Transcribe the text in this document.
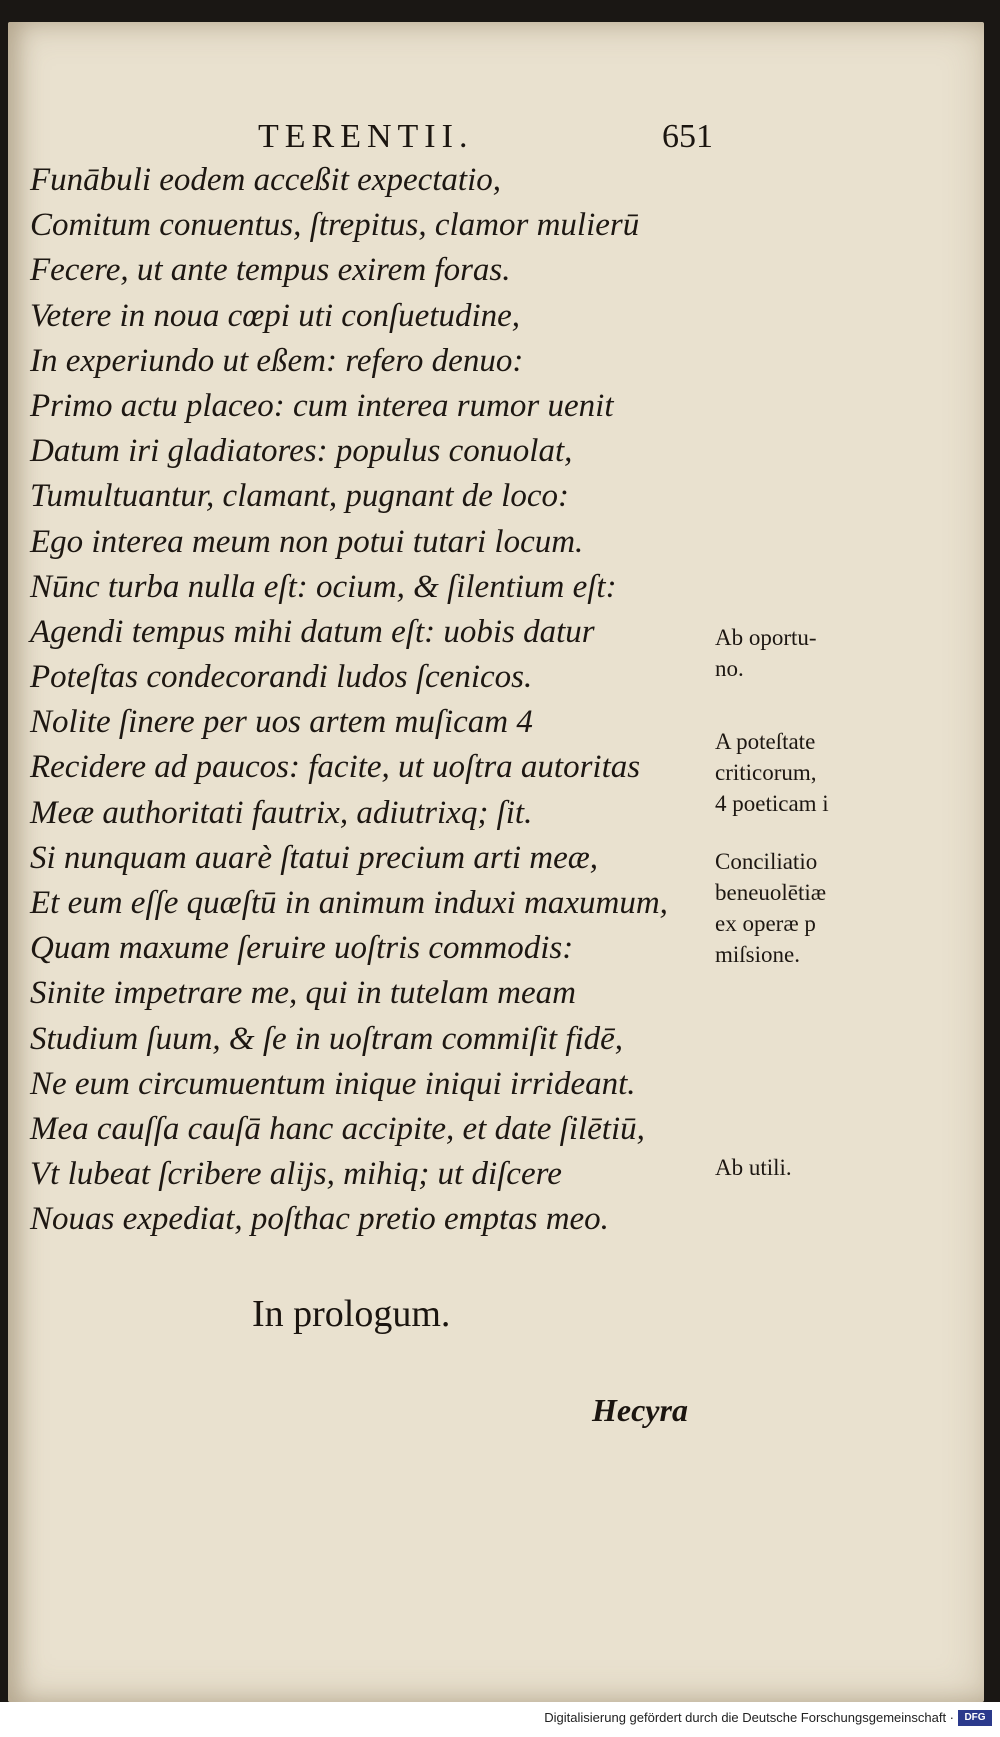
TERENTII.	651
Funābuli eodem acceßit expectatio,
Comitum conuentus, ſtrepitus, clamor mulierū
Fecere, ut ante tempus exirem foras.
Vetere in noua cœpi uti conſuetudine,
In experiundo ut eßem: refero denuo:
Primo actu placeo: cum interea rumor uenit
Datum iri gladiatores: populus conuolat,
Tumultuantur, clamant, pugnant de loco:
Ego interea meum non potui tutari locum.
Nūnc turba nulla eſt: ocium, & ſilentium eſt:
Agendi tempus mihi datum eſt: uobis datur
Poteſtas condecorandi ludos ſcenicos.
Nolite ſinere per uos artem muſicam 4
Recidere ad paucos: facite, ut uoſtra autoritas
Meæ authoritati fautrix, adiutrixq; ſit.
Si nunquam auarè ſtatui precium arti meæ,
Et eum eſſe quæſtū in animum induxi maxumum,
Quam maxume ſeruire uoſtris commodis:
Sinite impetrare me, qui in tutelam meam
Studium ſuum, & ſe in uoſtram commiſit fidē,
Ne eum circumuentum inique iniqui irrideant.
Mea cauſſa cauſā hanc accipite, et date ſilētiū,
Vt lubeat ſcribere alijs, mihiq; ut diſcere
Nouas expediat, poſthac pretio emptas meo.
Ab oportu-
no.
A poteſtate
criticorum,
4 poeticam i
Conciliatio
beneuolētiæ
ex operæ p
miſsione.
Ab utili.
In prologum.
Hecyra
Digitalisierung gefördert durch die Deutsche Forschungsgemeinschaft ·	DFG
